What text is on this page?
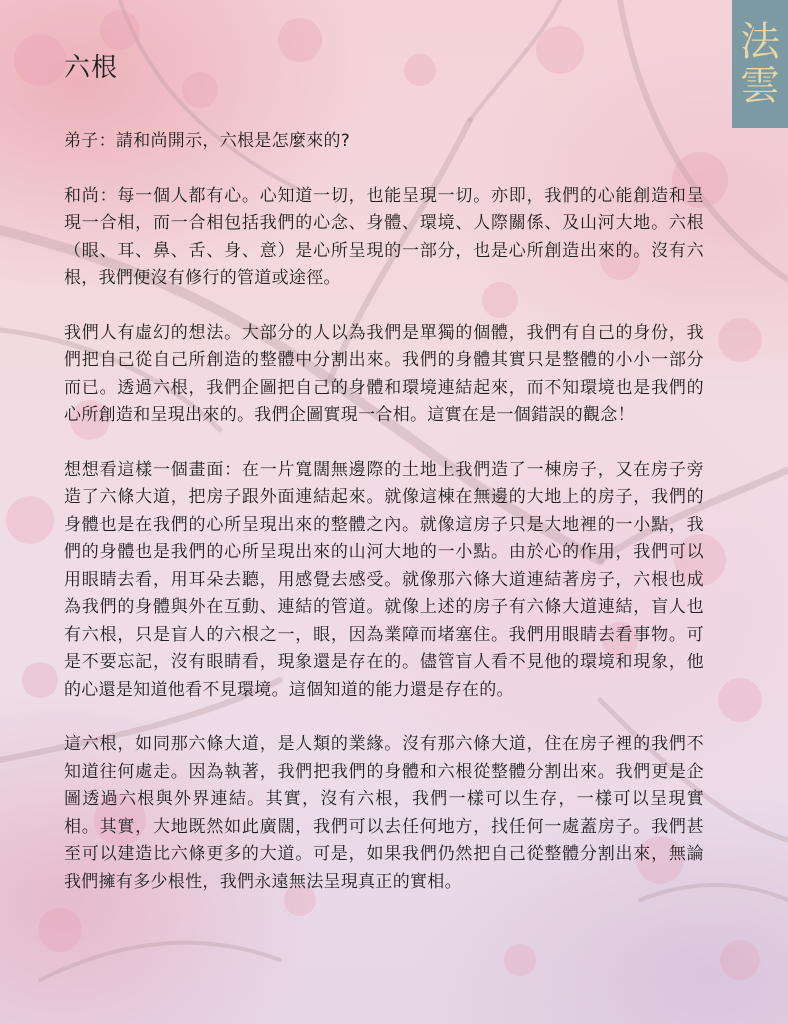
法
雲
六根

弟子：請和尚開示，六根是怎麼來的?

和尚：每一個人都有心。心知道一切，也能呈現一切。亦即，我們的心能創造和呈現一合相，而一合相包括我們的心念、身體、環境、人際關係、及山河大地。六根（眼、耳、鼻、舌、身、意）是心所呈現的一部分，也是心所創造出來的。沒有六根，我們便沒有修行的管道或途徑。

我們人有虛幻的想法。大部分的人以為我們是單獨的個體，我們有自己的身份，我們把自己從自己所創造的整體中分割出來。我們的身體其實只是整體的小小一部分而已。透過六根，我們企圖把自己的身體和環境連結起來，而不知環境也是我們的心所創造和呈現出來的。我們企圖實現一合相。這實在是一個錯誤的觀念！

想想看這樣一個畫面：在一片寬闊無邊際的土地上我們造了一棟房子，又在房子旁造了六條大道，把房子跟外面連結起來。就像這棟在無邊的大地上的房子，我們的身體也是在我們的心所呈現出來的整體之內。就像這房子只是大地裡的一小點，我們的身體也是我們的心所呈現出來的山河大地的一小點。由於心的作用，我們可以用眼睛去看，用耳朵去聽，用感覺去感受。就像那六條大道連結著房子，六根也成為我們的身體與外在互動、連結的管道。就像上述的房子有六條大道連結，盲人也有六根，只是盲人的六根之一，眼，因為業障而堵塞住。我們用眼睛去看事物。可是不要忘記，沒有眼睛看，現象還是存在的。儘管盲人看不見他的環境和現象，他的心還是知道他看不見環境。這個知道的能力還是存在的。

這六根，如同那六條大道，是人類的業緣。沒有那六條大道，住在房子裡的我們不知道往何處走。因為執著，我們把我們的身體和六根從整體分割出來。我們更是企圖透過六根與外界連結。其實，沒有六根，我們一樣可以生存，一樣可以呈現實相。其實，大地既然如此廣闊，我們可以去任何地方，找任何一處蓋房子。我們甚至可以建造比六條更多的大道。可是，如果我們仍然把自己從整體分割出來，無論我們擁有多少根性，我們永遠無法呈現真正的實相。
